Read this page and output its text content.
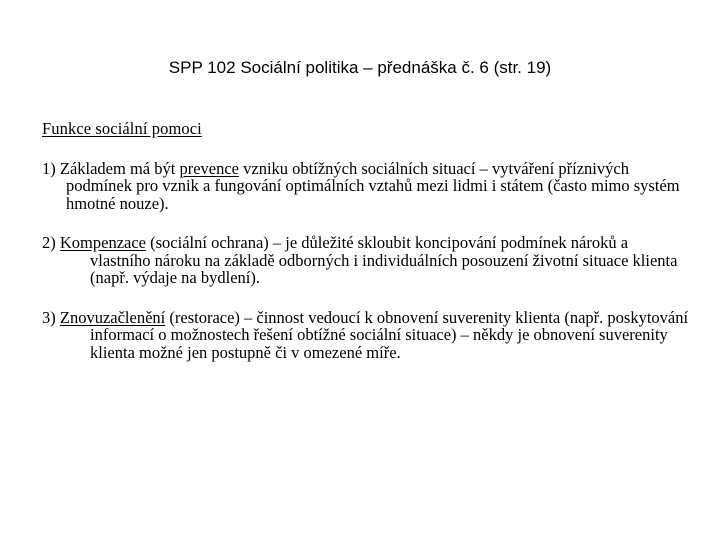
SPP 102 Sociální politika – přednáška č. 6 (str. 19)

Funkce sociální pomoci

1) Základem má být prevence vzniku obtížných sociálních situací – vytváření příznivých podmínek pro vznik a fungování optimálních vztahů mezi lidmi i státem (často mimo systém hmotné nouze).

2) Kompenzace (sociální ochrana) – je důležité skloubit koncipování podmínek nároků a vlastního nároku na základě odborných i individuálních posouzení životní situace klienta (např. výdaje na bydlení).

3) Znovuzačlenění (restorace) – činnost vedoucí k obnovení suverenity klienta (např. poskytování informací o možnostech řešení obtížné sociální situace) – někdy je obnovení suverenity klienta možné jen postupně či v omezené míře.
